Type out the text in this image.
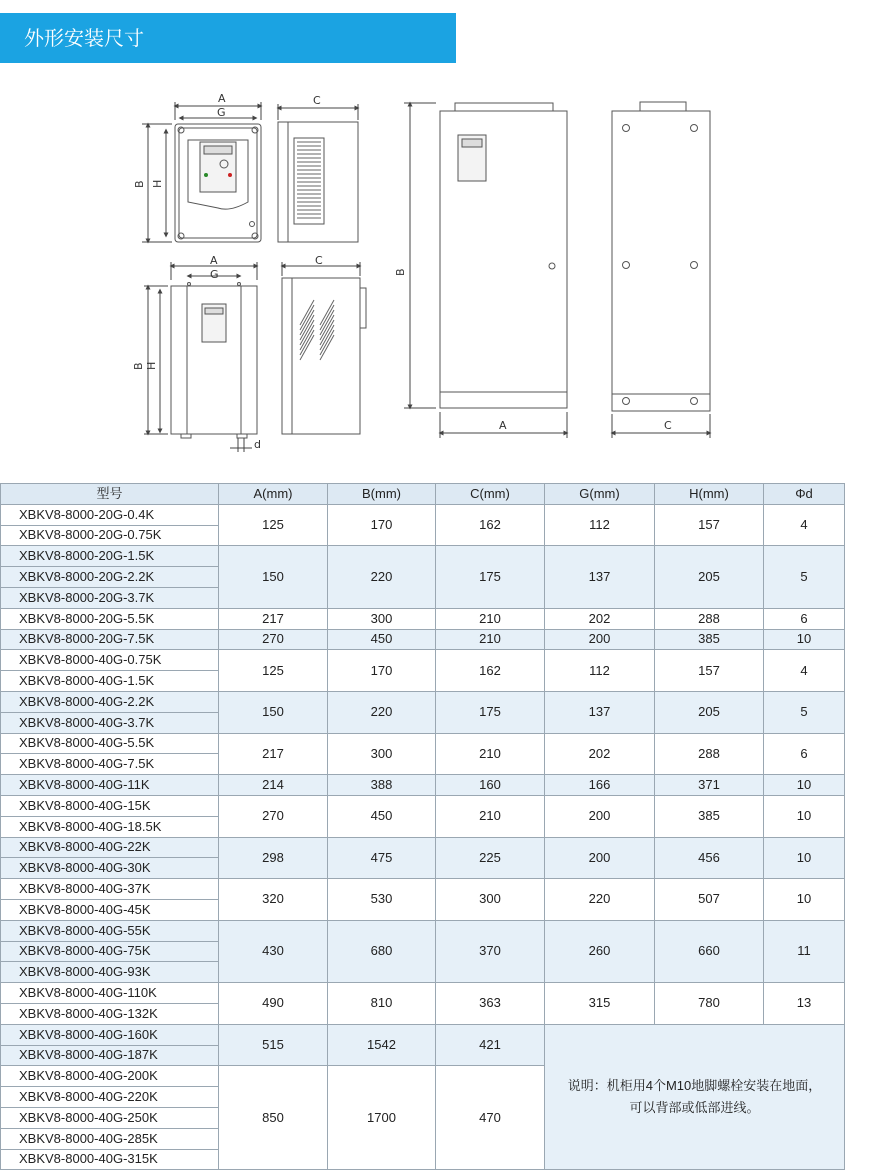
外形安装尺寸
A
G
C
B H
A
G
C
B H
d
B
A	C
型号	A(mm)	B(mm)	C(mm)	G(mm)	H(mm)	Φd
XBKV8-8000-20G-0.4K	125	170	162	112	157	4
XBKV8-8000-20G-0.75K						
XBKV8-8000-20G-1.5K	150	220	175	137	205	5
XBKV8-8000-20G-2.2K						
XBKV8-8000-20G-3.7K						
XBKV8-8000-20G-5.5K	217	300	210	202	288	6
XBKV8-8000-20G-7.5K	270	450	210	200	385	10
XBKV8-8000-40G-0.75K	125	170	162	112	157	4
XBKV8-8000-40G-1.5K						
XBKV8-8000-40G-2.2K	150	220	175	137	205	5
XBKV8-8000-40G-3.7K						
XBKV8-8000-40G-5.5K	217	300	210	202	288	6
XBKV8-8000-40G-7.5K						
XBKV8-8000-40G-11K	214	388	160	166	371	10
XBKV8-8000-40G-15K	270	450	210	200	385	10
XBKV8-8000-40G-18.5K						
XBKV8-8000-40G-22K	298	475	225	200	456	10
XBKV8-8000-40G-30K						
XBKV8-8000-40G-37K	320	530	300	220	507	10
XBKV8-8000-40G-45K						
XBKV8-8000-40G-55K	430	680	370	260	660	11
XBKV8-8000-40G-75K						
XBKV8-8000-40G-93K						
XBKV8-8000-40G-110K	490	810	363	315	780	13
XBKV8-8000-40G-132K						
XBKV8-8000-40G-160K	515	1542	421	说明：机柜用4个M10地脚螺栓安装在地面，
可以背部或低部进线。		

XBKV8-8000-40G-187K						
XBKV8-8000-40G-200K	850	1700	470			
XBKV8-8000-40G-220K						
XBKV8-8000-40G-250K						
XBKV8-8000-40G-285K						
XBKV8-8000-40G-315K						
